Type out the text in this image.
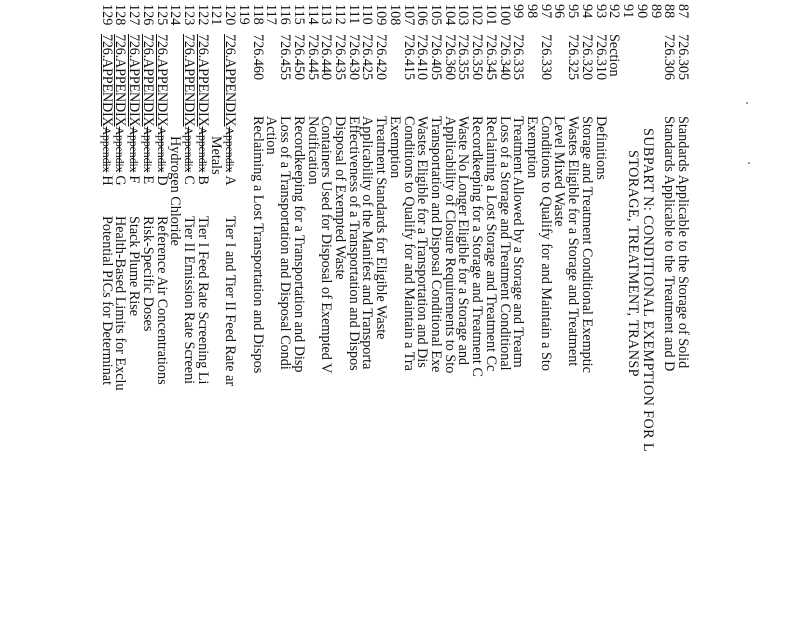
SUBPART N: CONDITIONAL EXEMPTION FOR L
STORAGE, TREATMENT, TRANSP
87
726.305
Standards Applicable to the Storage of Solid
88
726.306
Standards Applicable to the Treatment and D
89
90
91
92
Section
93
726.310
Definitions
94
726.320
Storage and Treatment Conditional Exemptic
95
726.325
Wastes Eligible for a Storage and Treatment
96
Level Mixed Waste
97
726.330
Conditions to Qualify for and Maintain a Sto
98
Exemption
99
726.335
Treatment Allowed by a Storage and Treatm
100
726.340
Loss of a Storage and Treatment Conditional
101
726.345
Reclaiming a Lost Storage and Treatment Cc
102
726.350
Recordkeeping for a Storage and Treatment C
103
726.355
Waste No Longer Eligible for a Storage and
104
726.360
Applicability of Closure Requirements to Sto
105
726.405
Transportation and Disposal Conditional Exe
106
726.410
Wastes Eligible for a Transportation and Dis
107
726.415
Conditions to Qualify for and Maintain a Tra
108
Exemption
109
726.420
Treatment Standards for Eligible Waste
110
726.425
Applicability of the Manifest and Transporta
111
726.430
Effectiveness of a Transportation and Dispos
112
726.435
Disposal of Exempted Waste
113
726.440
Containers Used for Disposal of Exempted V
114
726.445
Notification
115
726.450
Recordkeeping for a Transportation and Disp
116
726.455
Loss of a Transportation and Disposal Condi
117
Action
118
726.460
Reclaiming a Lost Transportation and Dispos
119
120
726.APPENDIXAppendixA
Tier I and Tier II Feed Rate ar
121
Metals
122
726.APPENDIXAppendixB
Tier I Feed Rate Screening Li
123
726.APPENDIXAppendixC
Tier II Emission Rate Screeni
124
Hydrogen Chloride
125
726.APPENDIXAppendixD
Reference Air Concentrations
126
726.APPENDIXAppendixE
Risk-Specific Doses
127
726.APPENDIXAppendixF
Stack Plume Rise
128
726.APPENDIXAppendixG
Health-Based Limits for Exclu
129
726.APPENDIXAppendixH
Potential PICs for Determinat
